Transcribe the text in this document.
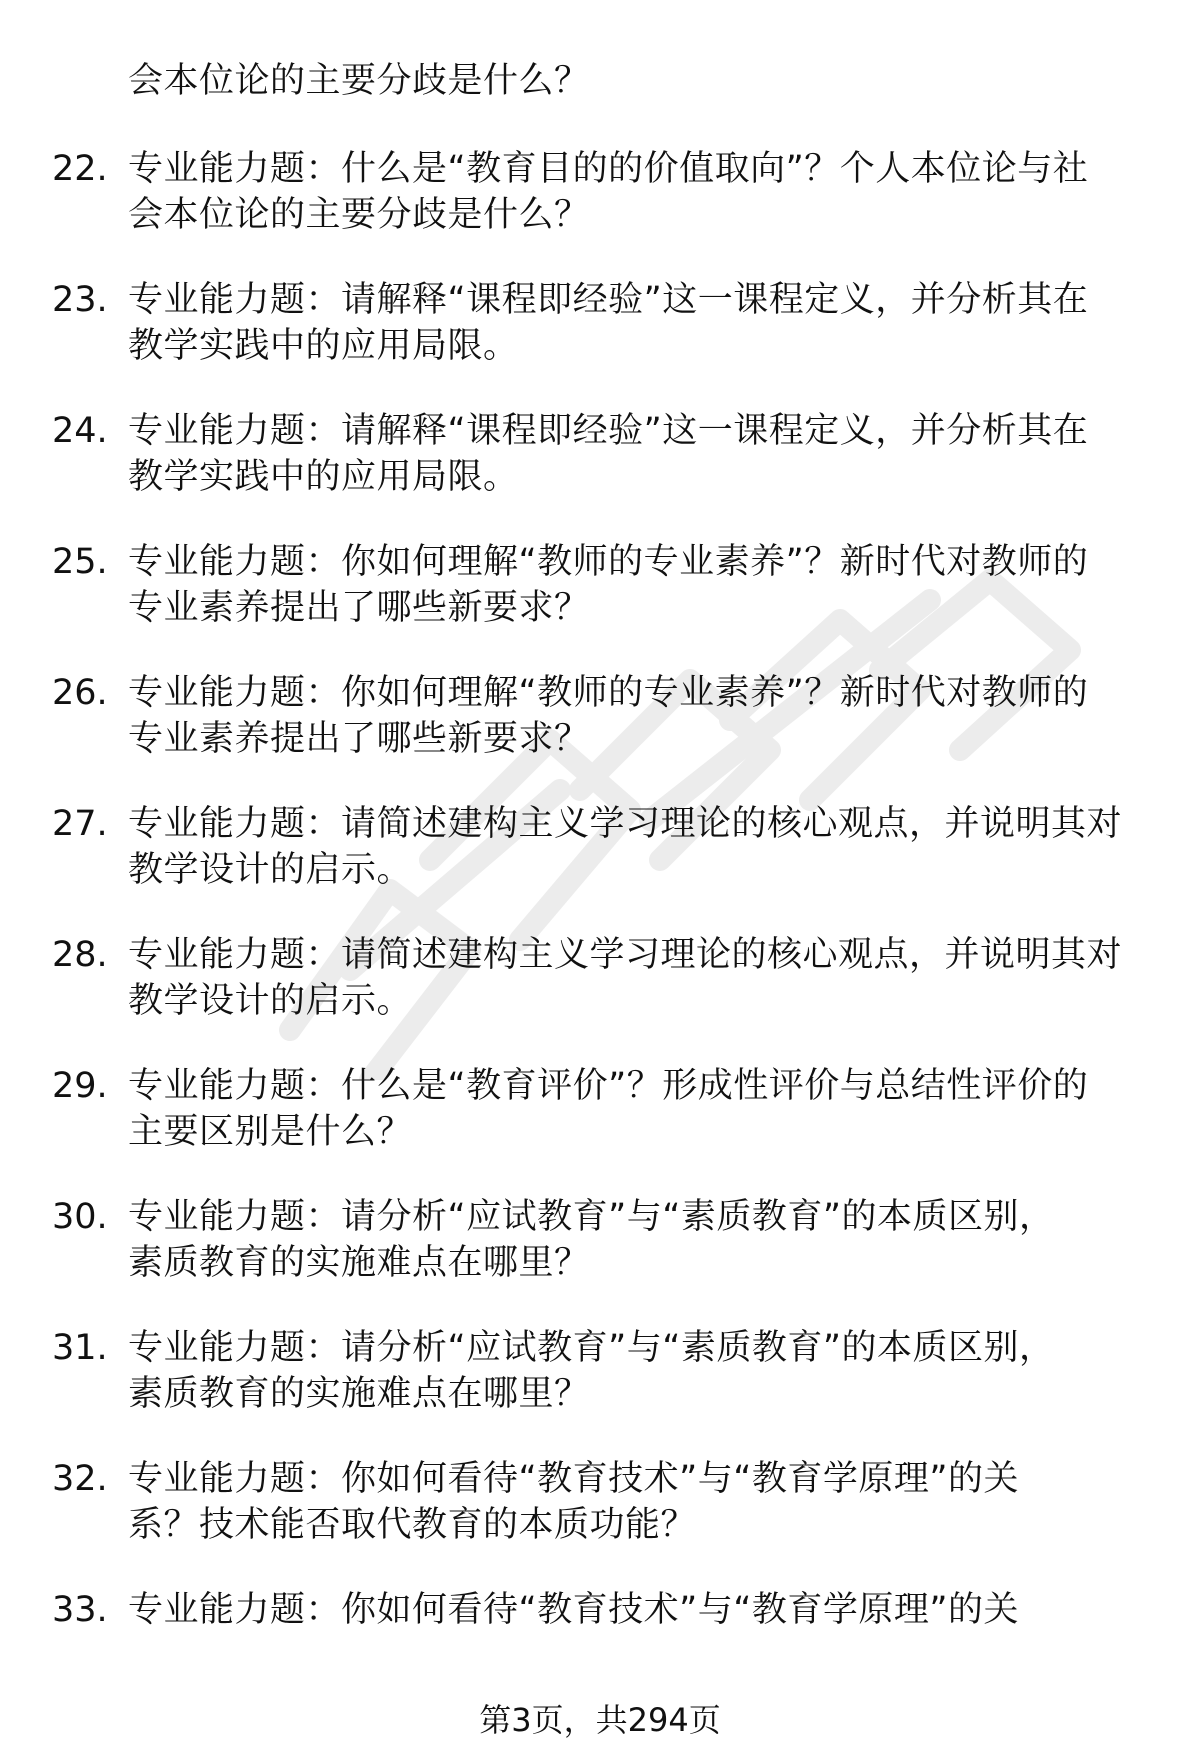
会本位论的主要分歧是什么？
22. 专业能力题：什么是“教育目的的价值取向”？个人本位论与社
会本位论的主要分歧是什么？
23. 专业能力题：请解释“课程即经验”这一课程定义，并分析其在
教学实践中的应用局限。
24. 专业能力题：请解释“课程即经验”这一课程定义，并分析其在
教学实践中的应用局限。
25. 专业能力题：你如何理解“教师的专业素养”？新时代对教师的
专业素养提出了哪些新要求？
26. 专业能力题：你如何理解“教师的专业素养”？新时代对教师的
专业素养提出了哪些新要求？
27. 专业能力题：请简述建构主义学习理论的核心观点，并说明其对
教学设计的启示。
28. 专业能力题：请简述建构主义学习理论的核心观点，并说明其对
教学设计的启示。
29. 专业能力题：什么是“教育评价”？形成性评价与总结性评价的
主要区别是什么？
30. 专业能力题：请分析“应试教育”与“素质教育”的本质区别，
素质教育的实施难点在哪里？
31. 专业能力题：请分析“应试教育”与“素质教育”的本质区别，
素质教育的实施难点在哪里？
32. 专业能力题：你如何看待“教育技术”与“教育学原理”的关
系？技术能否取代教育的本质功能？
33. 专业能力题：你如何看待“教育技术”与“教育学原理”的关
第3页，共294页
